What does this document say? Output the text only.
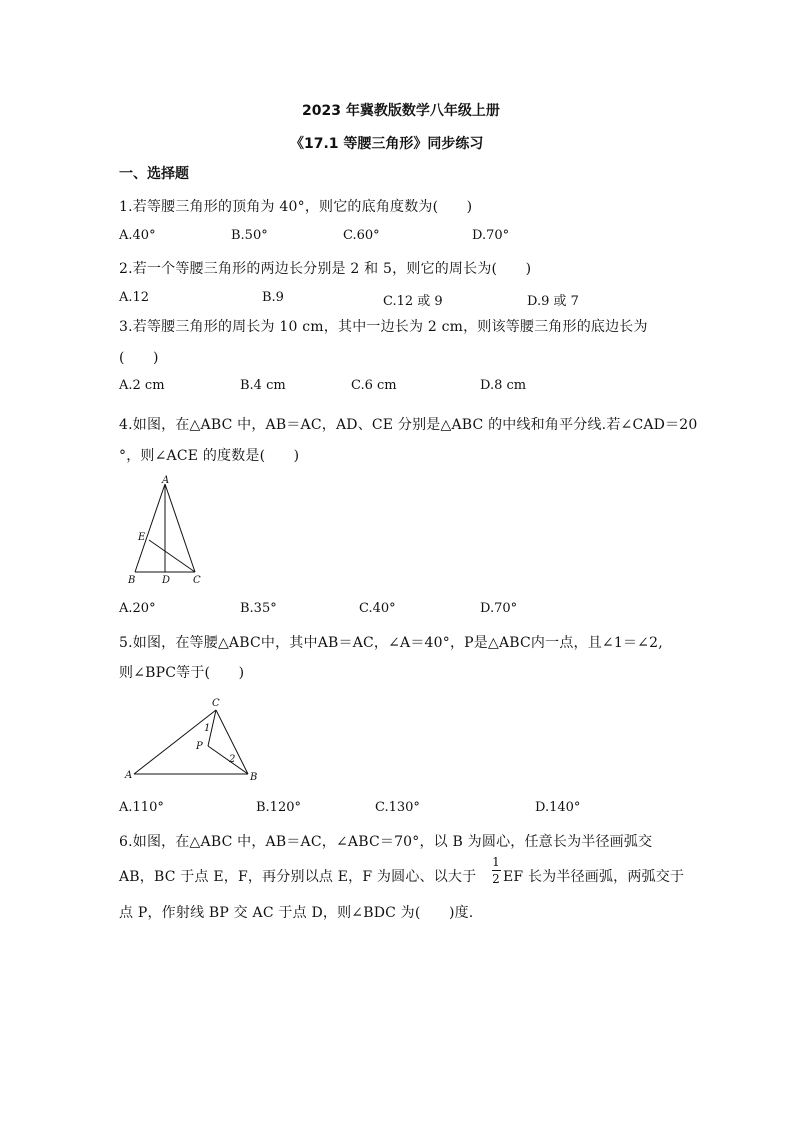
2023 年冀教版数学八年级上册
《17.1 等腰三角形》同步练习
一、选择题
1.若等腰三角形的顶角为 40°，则它的底角度数为(　　)
A.40°	B.50°	C.60°	D.70°
2.若一个等腰三角形的两边长分别是 2 和 5，则它的周长为(　　)
A.12	B.9	C.12 或 9	D.9 或 7
3.若等腰三角形的周长为 10 cm，其中一边长为 2 cm，则该等腰三角形的底边长为
(　　)
A.2 cm	B.4 cm	C.6 cm	D.8 cm
4.如图，在△ABC 中，AB＝AC，AD、CE 分别是△ABC 的中线和角平分线.若∠CAD＝20
°，则∠ACE 的度数是(　　)
A
E
B	D C
A.20°	B.35°	C.40°	D.70°
5.如图，在等腰△ABC中，其中AB＝AC，∠A＝40°，P是△ABC内一点，且∠1＝∠2,
则∠BPC等于(　　)
C
1
P
2
A	B
A.110°	B.120°	C.130°	D.140°
6.如图，在△ABC 中，AB＝AC，∠ABC＝70°，以 B 为圆心，任意长为半径画弧交
AB，BC 于点 E，F，再分别以点 E，F 为圆心、以大于
1
2 EF 长为半径画弧，两弧交于
点 P，作射线 BP 交 AC 于点 D，则∠BDC 为(　　)度.
